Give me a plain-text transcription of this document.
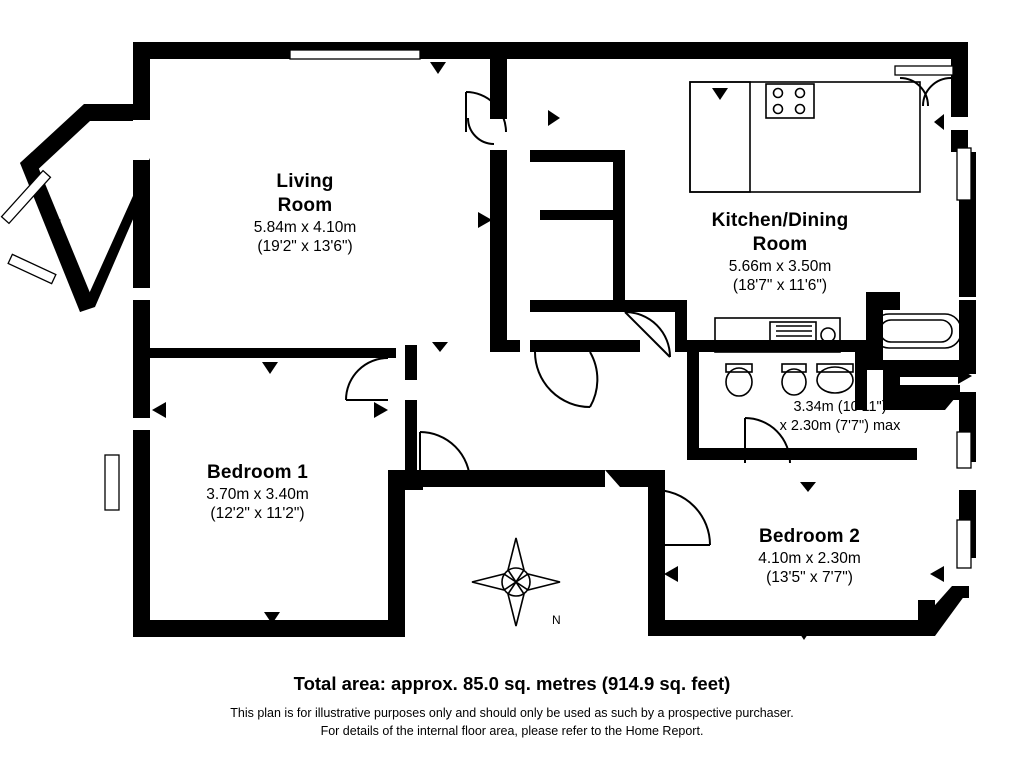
N
Living
Room
5.84m x 4.10m
(19'2" x 13'6")
Kitchen/Dining
Room
5.66m x 3.50m
(18'7" x 11'6")
Bedroom 1
3.70m x 3.40m
(12'2" x 11'2")
Bedroom 2
4.10m x 2.30m
(13'5" x 7'7")
3.34m (10'11")
x 2.30m (7'7") max
Total area: approx. 85.0 sq. metres (914.9 sq. feet)
This plan is for illustrative purposes only and should only be used as such by a prospective purchaser.
For details of the internal floor area, please refer to the Home Report.
